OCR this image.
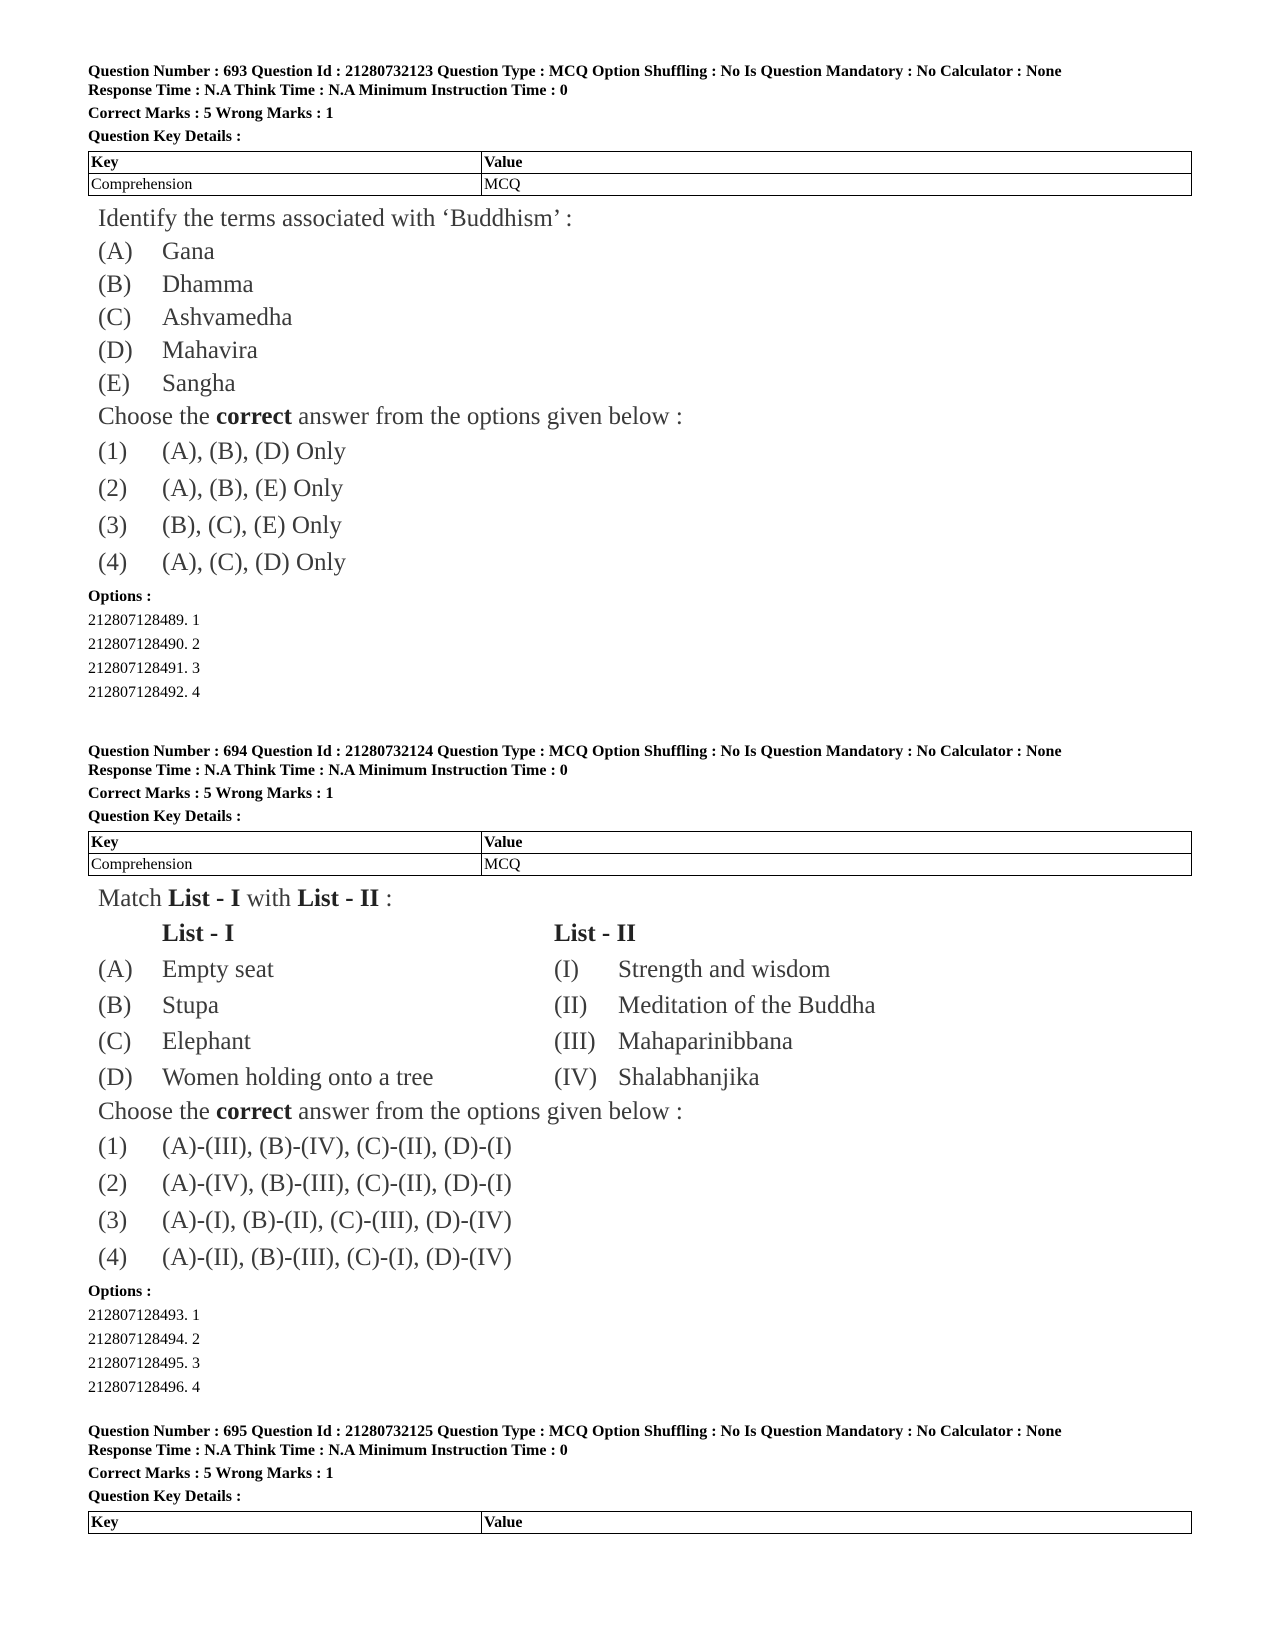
Question Number : 693 Question Id : 21280732123 Question Type : MCQ Option Shuffling : No Is Question Mandatory : No Calculator : None
Response Time : N.A Think Time : N.A Minimum Instruction Time : 0
Correct Marks : 5 Wrong Marks : 1
Question Key Details :
Key	Value
Comprehension	MCQ
Identify the terms associated with ‘Buddhism’ :
(A)	Gana
(B)	Dhamma
(C)	Ashvamedha
(D)	Mahavira
(E)	Sangha
Choose the correct answer from the options given below :
(1)	(A), (B), (D) Only
(2)	(A), (B), (E) Only
(3)	(B), (C), (E) Only
(4)	(A), (C), (D) Only
Options :
212807128489. 1
212807128490. 2
212807128491. 3
212807128492. 4
Question Number : 694 Question Id : 21280732124 Question Type : MCQ Option Shuffling : No Is Question Mandatory : No Calculator : None
Response Time : N.A Think Time : N.A Minimum Instruction Time : 0
Correct Marks : 5 Wrong Marks : 1
Question Key Details :
Key	Value
Comprehension	MCQ
Match List - I with List - II :
List - I	List - II
(A)	Empty seat	(I)	Strength and wisdom
(B)	Stupa	(II)	Meditation of the Buddha
(C)	Elephant	(III) Mahaparinibbana
(D)	Women holding onto a tree	(IV) Shalabhanjika
Choose the correct answer from the options given below :
(1)	(A)-(III), (B)-(IV), (C)-(II), (D)-(I)
(2)	(A)-(IV), (B)-(III), (C)-(II), (D)-(I)
(3)	(A)-(I), (B)-(II), (C)-(III), (D)-(IV)
(4)	(A)-(II), (B)-(III), (C)-(I), (D)-(IV)
Options :
212807128493. 1
212807128494. 2
212807128495. 3
212807128496. 4
Question Number : 695 Question Id : 21280732125 Question Type : MCQ Option Shuffling : No Is Question Mandatory : No Calculator : None
Response Time : N.A Think Time : N.A Minimum Instruction Time : 0
Correct Marks : 5 Wrong Marks : 1
Question Key Details :
Key	Value
